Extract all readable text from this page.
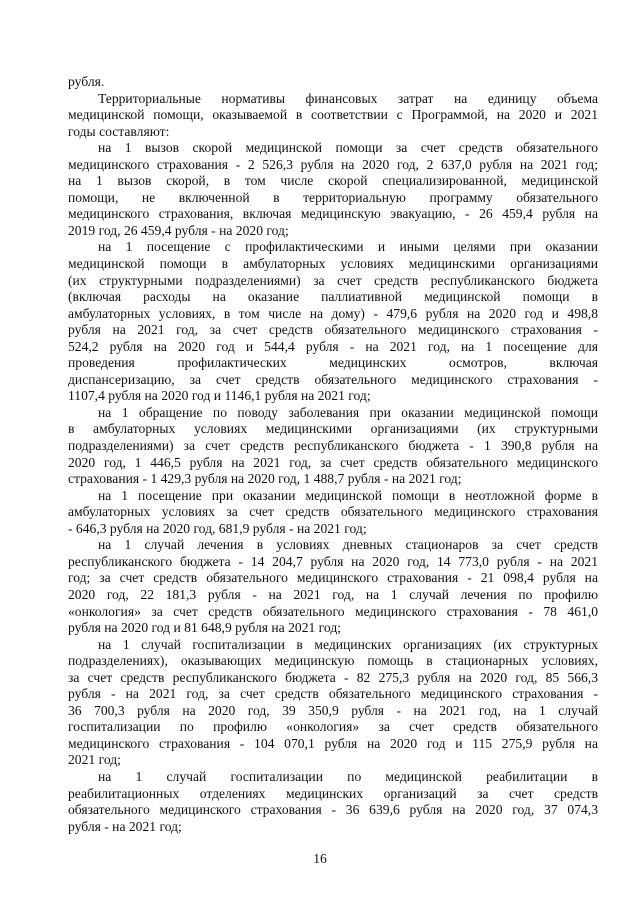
рубля.
Территориальные нормативы финансовых затрат на единицу объема
медицинской помощи, оказываемой в соответствии с Программой, на 2020 и 2021
годы составляют:
на 1 вызов скорой медицинской помощи за счет средств обязательного
медицинского страхования - 2 526,3 рубля на 2020 год, 2 637,0 рубля на 2021 год;
на 1 вызов скорой, в том числе скорой специализированной, медицинской
помощи, не включенной в территориальную программу обязательного
медицинского страхования, включая медицинскую эвакуацию, - 26 459,4 рубля на
2019 год, 26 459,4 рубля - на 2020 год;
на 1 посещение с профилактическими и иными целями при оказании
медицинской помощи в амбулаторных условиях медицинскими организациями
(их структурными подразделениями) за счет средств республиканского бюджета
(включая расходы на оказание паллиативной медицинской помощи в
амбулаторных условиях, в том числе на дому) - 479,6 рубля на 2020 год и 498,8
рубля на 2021 год, за счет средств обязательного медицинского страхования -
524,2 рубля на 2020 год и 544,4 рубля - на 2021 год, на 1 посещение для
проведения профилактических медицинских осмотров, включая
диспансеризацию, за счет средств обязательного медицинского страхования -
1107,4 рубля на 2020 год и 1146,1 рубля на 2021 год;
на 1 обращение по поводу заболевания при оказании медицинской помощи
в амбулаторных условиях медицинскими организациями (их структурными
подразделениями) за счет средств республиканского бюджета - 1 390,8 рубля на
2020 год, 1 446,5 рубля на 2021 год, за счет средств обязательного медицинского
страхования - 1 429,3 рубля на 2020 год, 1 488,7 рубля - на 2021 год;
на 1 посещение при оказании медицинской помощи в неотложной форме в
амбулаторных условиях за счет средств обязательного медицинского страхования
- 646,3 рубля на 2020 год, 681,9 рубля - на 2021 год;
на 1 случай лечения в условиях дневных стационаров за счет средств
республиканского бюджета - 14 204,7 рубля на 2020 год, 14 773,0 рубля - на 2021
год; за счет средств обязательного медицинского страхования - 21 098,4 рубля на
2020 год, 22 181,3 рубля - на 2021 год, на 1 случай лечения по профилю
«онкология» за счет средств обязательного медицинского страхования - 78 461,0
рубля на 2020 год и 81 648,9 рубля на 2021 год;
на 1 случай госпитализации в медицинских организациях (их структурных
подразделениях), оказывающих медицинскую помощь в стационарных условиях,
за счет средств республиканского бюджета - 82 275,3 рубля на 2020 год, 85 566,3
рубля - на 2021 год, за счет средств обязательного медицинского страхования -
36 700,3 рубля на 2020 год, 39 350,9 рубля - на 2021 год, на 1 случай
госпитализации по профилю «онкология» за счет средств обязательного
медицинского страхования - 104 070,1 рубля на 2020 год и 115 275,9 рубля на
2021 год;
на 1 случай госпитализации по медицинской реабилитации в
реабилитационных отделениях медицинских организаций за счет средств
обязательного медицинского страхования - 36 639,6 рубля на 2020 год, 37 074,3
рубля - на 2021 год;
16
